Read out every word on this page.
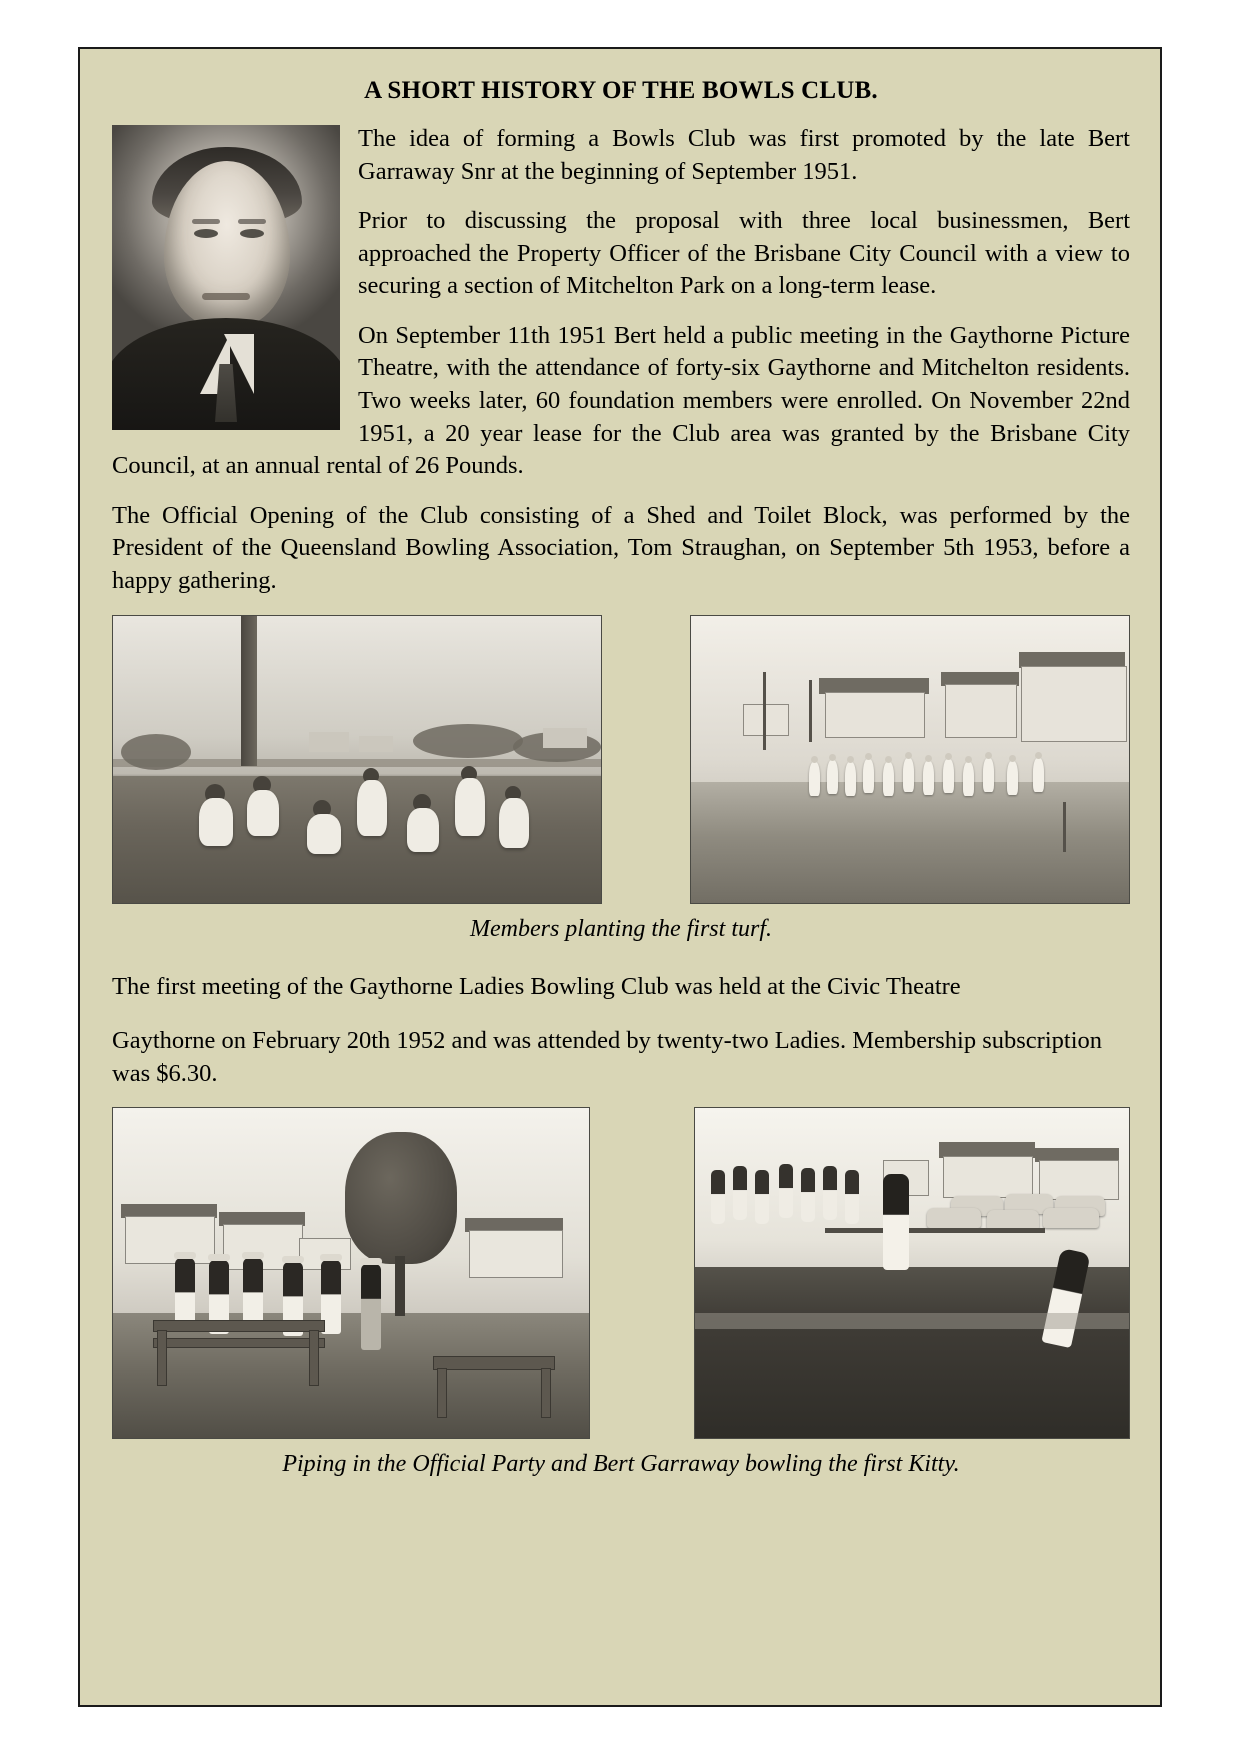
A SHORT HISTORY OF THE BOWLS CLUB.

The idea of forming a Bowls Club was first promoted by the late Bert Garraway Snr at the beginning of September 1951.

Prior to discussing the proposal with three local businessmen, Bert approached the Property Officer of the Brisbane City Council with a view to securing a section of Mitchelton Park on a long-term lease.

On September 11th 1951 Bert held a public meeting in the Gaythorne Picture Theatre, with the attendance of forty-six Gaythorne and Mitchelton residents. Two weeks later, 60 foundation members were enrolled. On November 22nd 1951, a 20 year lease for the Club area was granted by the Brisbane City Council, at an annual rental of 26 Pounds.

The Official Opening of the Club consisting of a Shed and Toilet Block, was performed by the President of the Queensland Bowling Association, Tom Straughan, on September 5th 1953, before a happy gathering.

Members planting the first turf.

The first meeting of the Gaythorne Ladies Bowling Club was held at the Civic Theatre

Gaythorne on February 20th 1952 and was attended by twenty-two Ladies. Membership subscription was $6.30.

Piping in the Official Party and Bert Garraway bowling the first Kitty.
